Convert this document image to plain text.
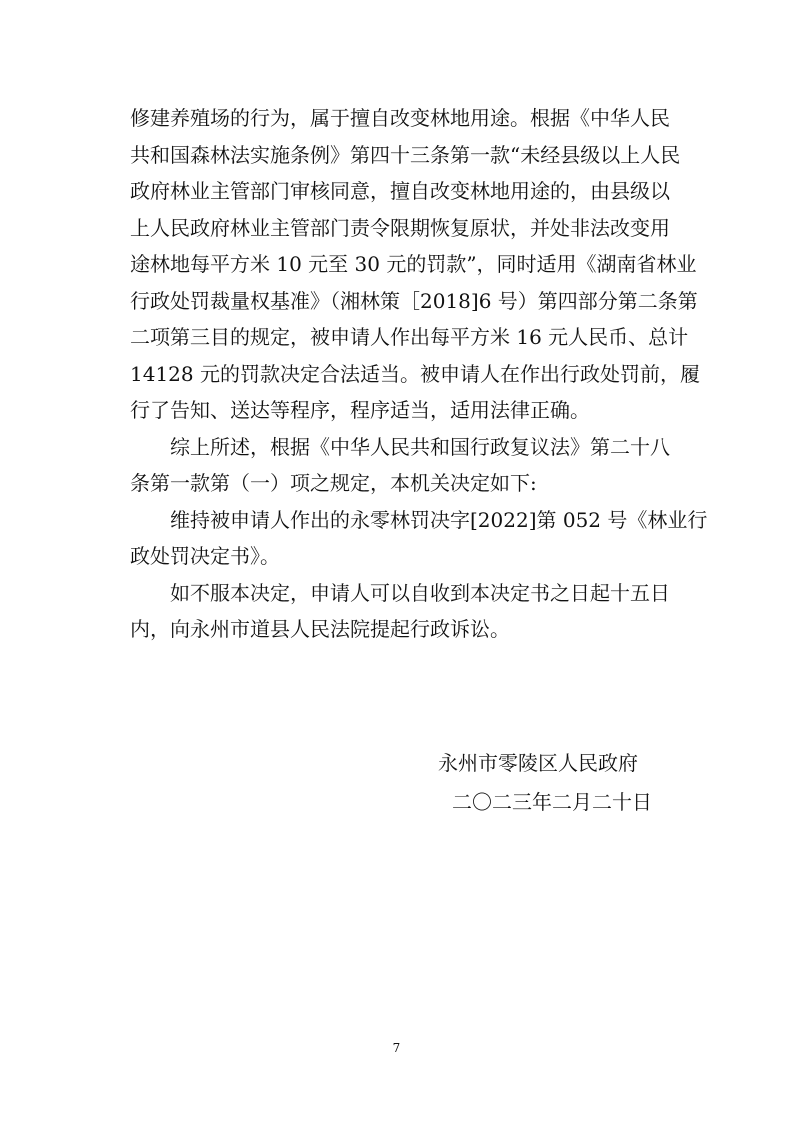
修建养殖场的行为，属于擅自改变林地用途。根据《中华人民
共和国森林法实施条例》第四十三条第一款“未经县级以上人民
政府林业主管部门审核同意，擅自改变林地用途的，由县级以
上人民政府林业主管部门责令限期恢复原状，并处非法改变用
途林地每平方米 10 元至 30 元的罚款”，同时适用《湖南省林业
行政处罚裁量权基准》（湘林策［2018]6 号）第四部分第二条第
二项第三目的规定，被申请人作出每平方米 16 元人民币、总计
14128 元的罚款决定合法适当。被申请人在作出行政处罚前，履
行了告知、送达等程序，程序适当，适用法律正确。
综上所述，根据《中华人民共和国行政复议法》第二十八
条第一款第（一）项之规定，本机关决定如下:
维持被申请人作出的永零林罚决字[2022]第 052 号《林业行
政处罚决定书》。
如不服本决定，申请人可以自收到本决定书之日起十五日
内，向永州市道县人民法院提起行政诉讼。
永州市零陵区人民政府
二〇二三年二月二十日
7
